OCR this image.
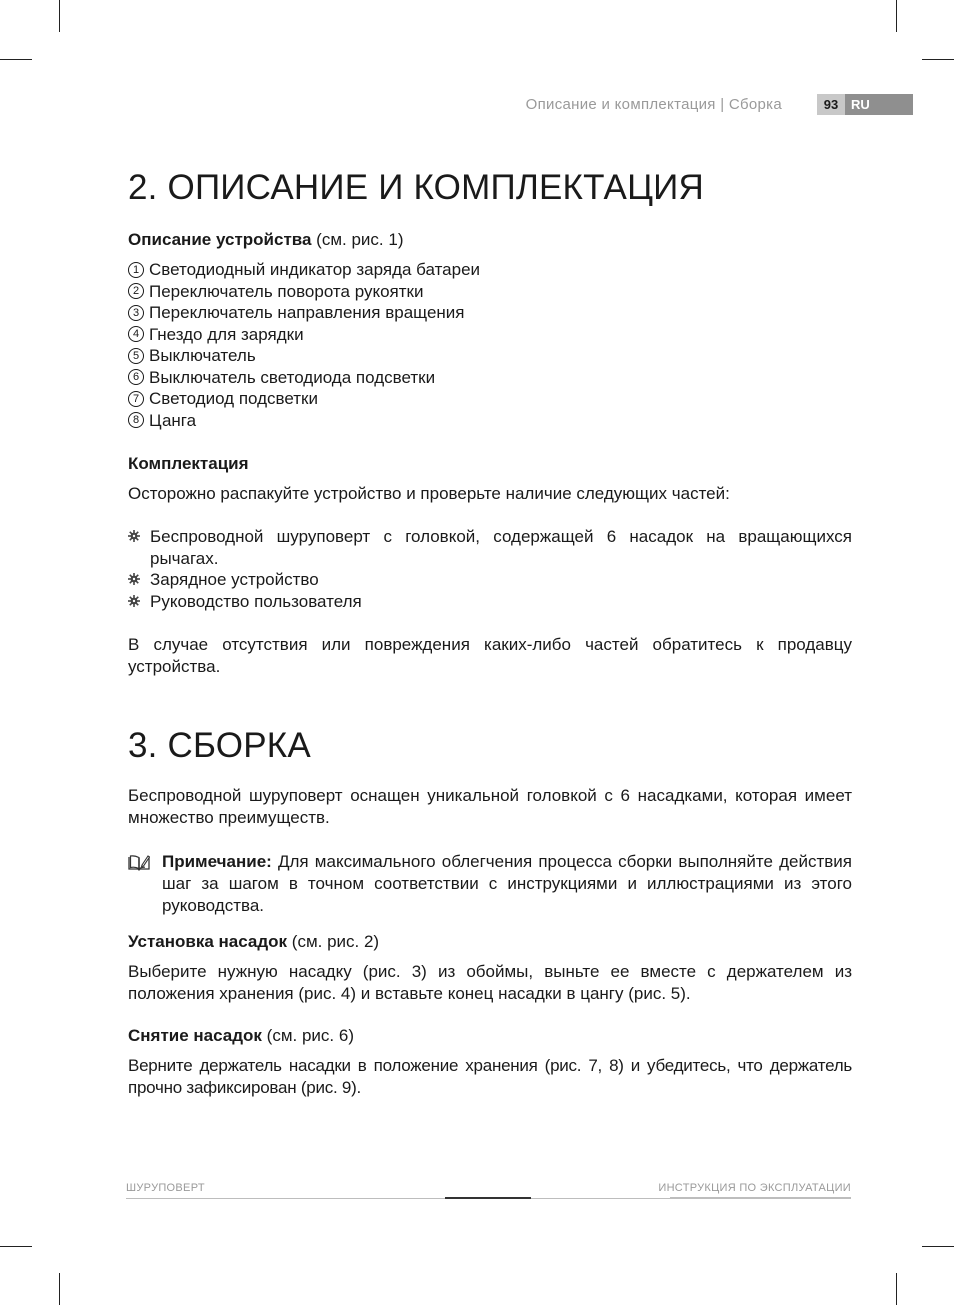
Описание и комплектация | Сборка	93 RU
2. ОПИСАНИЕ И КОМПЛЕКТАЦИЯ
Описание устройства (см. рис. 1)
1 Светодиодный индикатор заряда батареи
2 Переключатель поворота рукоятки
3 Переключатель направления вращения
4 Гнездо для зарядки
5 Выключатель
6 Выключатель светодиода подсветки
7 Светодиод подсветки
8 Цанга
Комплектация
Осторожно распакуйте устройство и проверьте наличие следующих частей:
Беспроводной шуруповерт с головкой, содержащей 6 насадок на вращающихся рычагах.
Зарядное устройство
Руководство пользователя
В случае отсутствия или повреждения каких-либо частей обратитесь к продавцу устройства.
3. СБОРКА
Беспроводной шуруповерт оснащен уникальной головкой с 6 насадками, которая имеет множество преимуществ.
Примечание: Для максимального облегчения процесса сборки выполняйте действия шаг за шагом в точном соответствии с инструкциями и иллюстрациями из этого руководства.
Установка насадок (см. рис. 2)
Выберите нужную насадку (рис. 3) из обоймы, выньте ее вместе с держателем из положения хранения (рис. 4) и вставьте конец насадки в цангу (рис. 5).
Снятие насадок (см. рис. 6)
Верните держатель насадки в положение хранения (рис. 7, 8) и убедитесь, что держатель прочно зафиксирован (рис. 9).
ШУРУПОВЕРТ	ИНСТРУКЦИЯ ПО ЭКСПЛУАТАЦИИ
